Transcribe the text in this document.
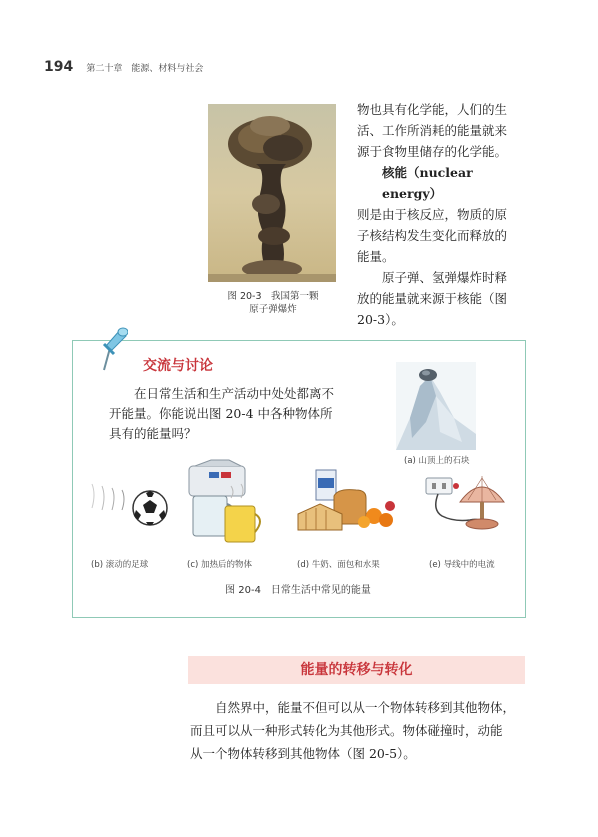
194 第二十章　能源、材料与社会
图 20-3　我国第一颗
原子弹爆炸
物也具有化学能，人们的生
活、工作所消耗的能量就来
源于食物里储存的化学能。
核能（nuclear energy）
则是由于核反应，物质的原
子核结构发生变化而释放的
能量。
原子弹、氢弹爆炸时释
放的能量就来源于核能（图
20-3）。
交流与讨论
在日常生活和生产活动中处处都离不
开能量。你能说出图 20-4 中各种物体所
具有的能量吗？
(a) 山顶上的石块
(b) 滚动的足球	(c) 加热后的物体	(d) 牛奶、面包和水果	(e) 导线中的电流
图 20-4　日常生活中常见的能量
能量的转移与转化
自然界中，能量不但可以从一个物体转移到其他物体，
而且可以从一种形式转化为其他形式。物体碰撞时，动能
从一个物体转移到其他物体（图 20-5）。
